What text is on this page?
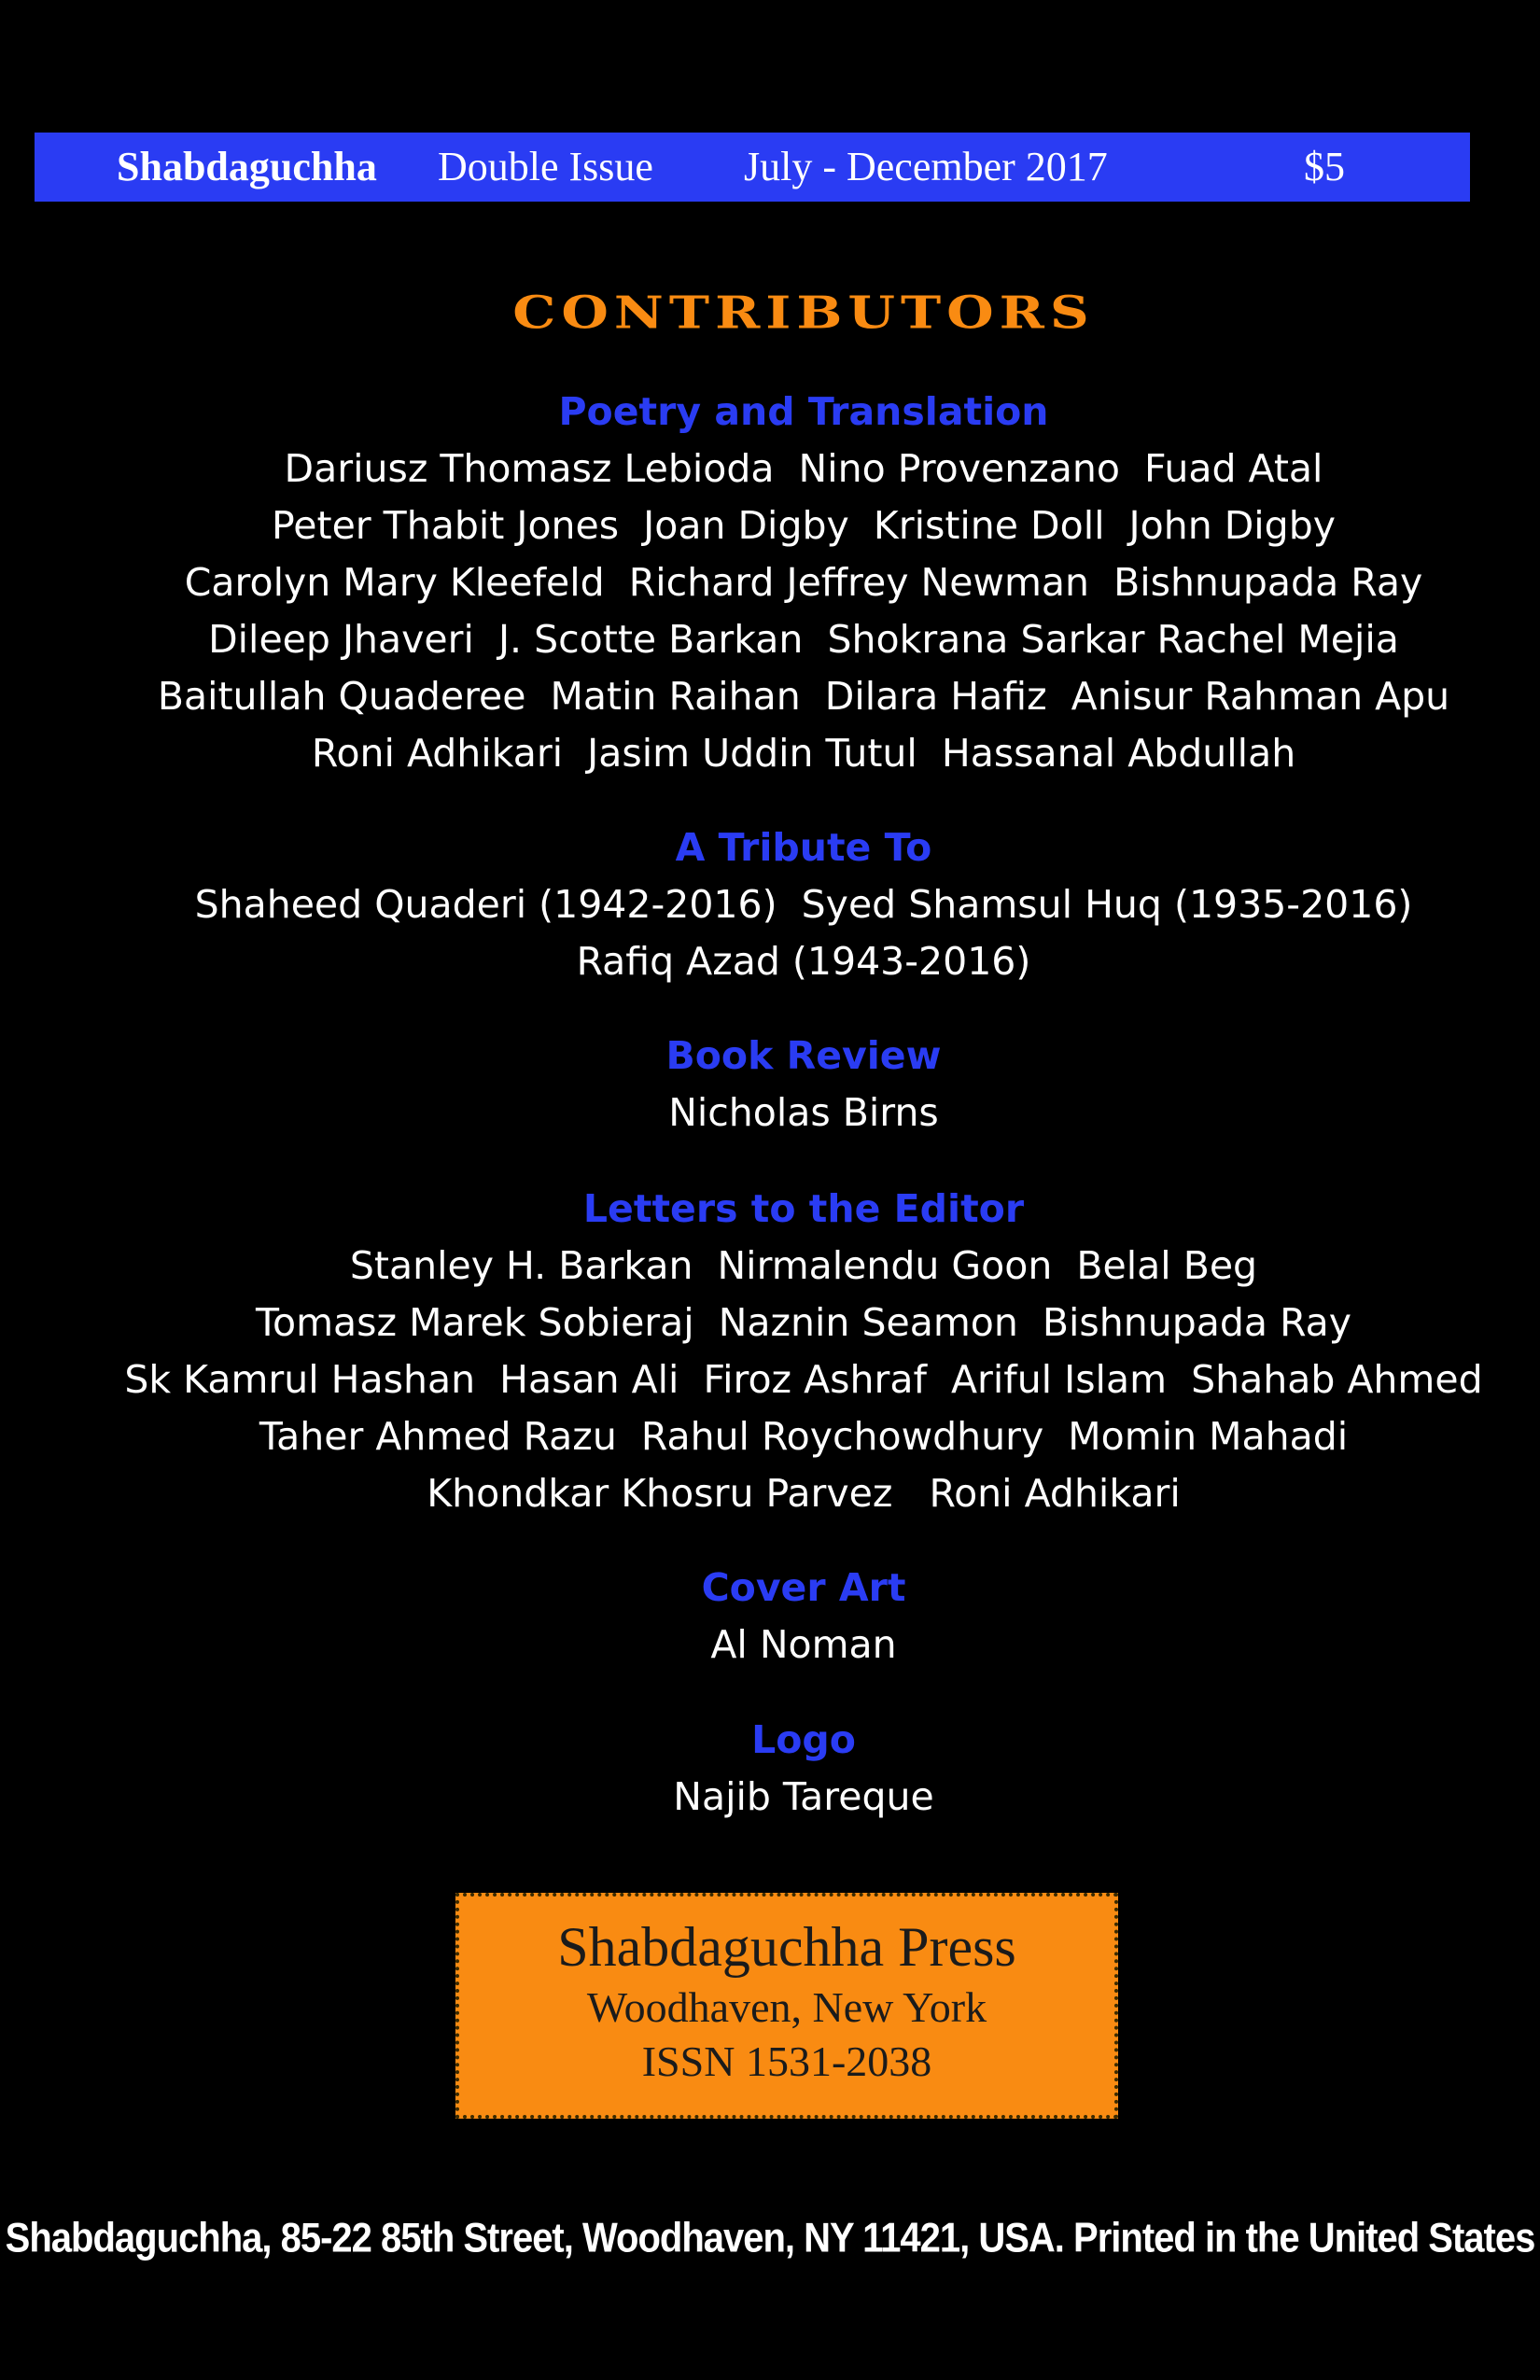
Shabdaguchha Double Issue July - December 2017	$5
CONTRIBUTORS
Poetry and Translation
Dariusz Thomasz Lebioda  Nino Provenzano  Fuad Atal
Peter Thabit Jones  Joan Digby  Kristine Doll  John Digby
Carolyn Mary Kleefeld  Richard Jeffrey Newman  Bishnupada Ray
Dileep Jhaveri  J. Scotte Barkan  Shokrana Sarkar Rachel Mejia
Baitullah Quaderee  Matin Raihan  Dilara Hafiz  Anisur Rahman Apu
Roni Adhikari  Jasim Uddin Tutul  Hassanal Abdullah
A Tribute To
Shaheed Quaderi (1942-2016)  Syed Shamsul Huq (1935-2016)
Rafiq Azad (1943-2016)
Book Review
Nicholas Birns
Letters to the Editor
Stanley H. Barkan  Nirmalendu Goon  Belal Beg
Tomasz Marek Sobieraj  Naznin Seamon  Bishnupada Ray
Sk Kamrul Hashan  Hasan Ali  Firoz Ashraf  Ariful Islam  Shahab Ahmed
Taher Ahmed Razu  Rahul Roychowdhury  Momin Mahadi
Khondkar Khosru Parvez   Roni Adhikari
Cover Art
Al Noman
Logo
Najib Tareque
Shabdaguchha Press
Woodhaven, New York
ISSN 1531-2038
Shabdaguchha, 85-22 85th Street, Woodhaven, NY 11421, USA. Printed in the United States
